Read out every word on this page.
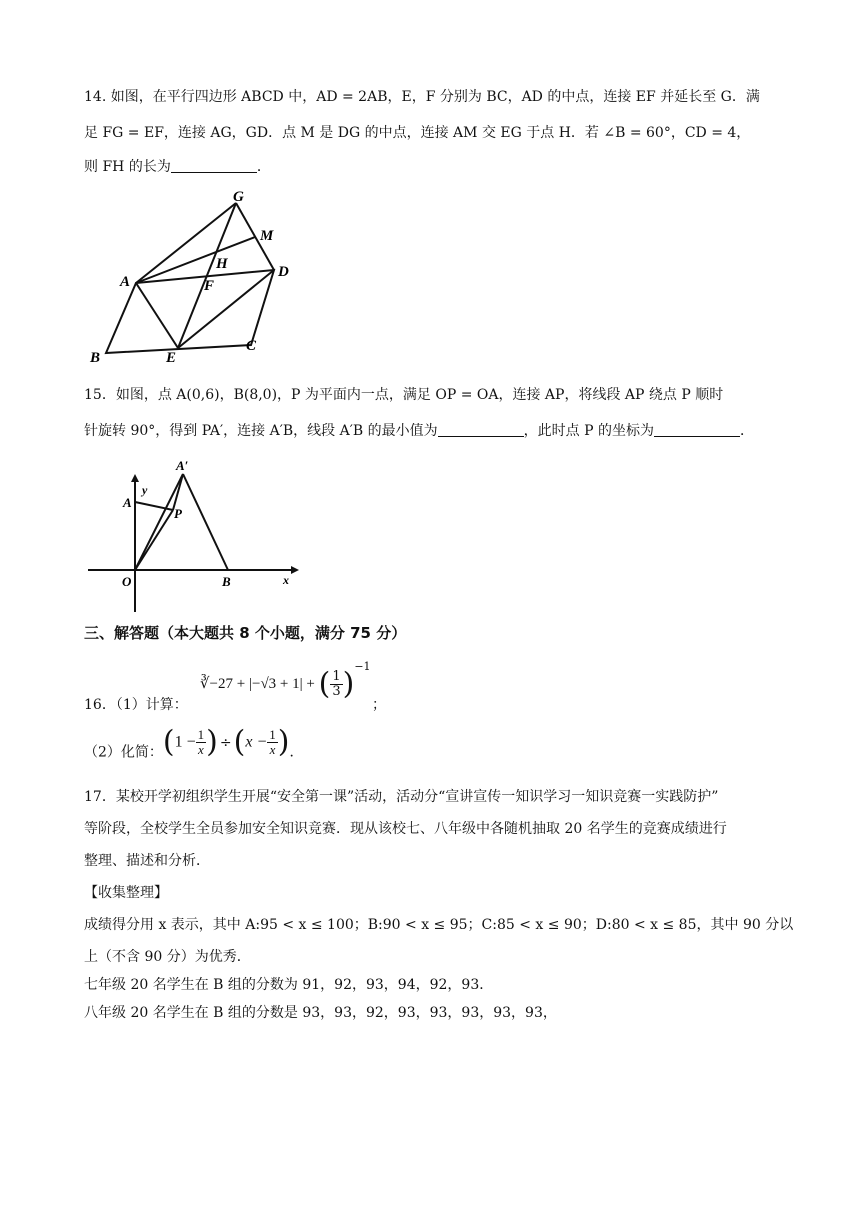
14. 如图，在平行四边形 ABCD 中，AD = 2AB，E，F 分别为 BC，AD 的中点，连接 EF 并延长至 G．满
足 FG = EF，连接 AG，GD．点 M 是 DG 的中点，连接 AM 交 EG 于点 H．若 ∠B = 60°，CD = 4，
则 FH 的长为	．
G
M
H
F
A
D
C
E
B
15．如图，点 A(0,6)，B(8,0)，P 为平面内一点，满足 OP = OA，连接 AP，将线段 AP 绕点 P 顺时
针旋转 90°，得到 PA′，连接 A′B，线段 A′B 的最小值为	，此时点 P 的坐标为	．
y
x
A′
A
P
O	B
三、解答题（本大题共 8 个小题，满分 75 分）
∛−27 + |−√3 + 1| + ( $\frac{1}{3} )^{-1}$
16．（1）计算：	；
（2）化简：($1 - \frac{1}{x}$ ) $\div(x - \frac{1}{x}$ )．
17．某校开学初组织学生开展“安全第一课”活动，活动分“宣讲宣传一知识学习一知识竞赛一实践防护”
等阶段，全校学生全员参加安全知识竞赛．现从该校七、八年级中各随机抽取 20 名学生的竞赛成绩进行
整理、描述和分析．
【收集整理】
成绩得分用 x 表示，其中 A:95 < x ≤ 100；B:90 < x ≤ 95；C:85 < x ≤ 90；D:80 < x ≤ 85，其中 90 分以
上（不含 90 分）为优秀．
七年级 20 名学生在 B 组的分数为 91，92，93，94，92，93．
八年级 20 名学生在 B 组的分数是 93，93，92，93，93，93，93，93，
